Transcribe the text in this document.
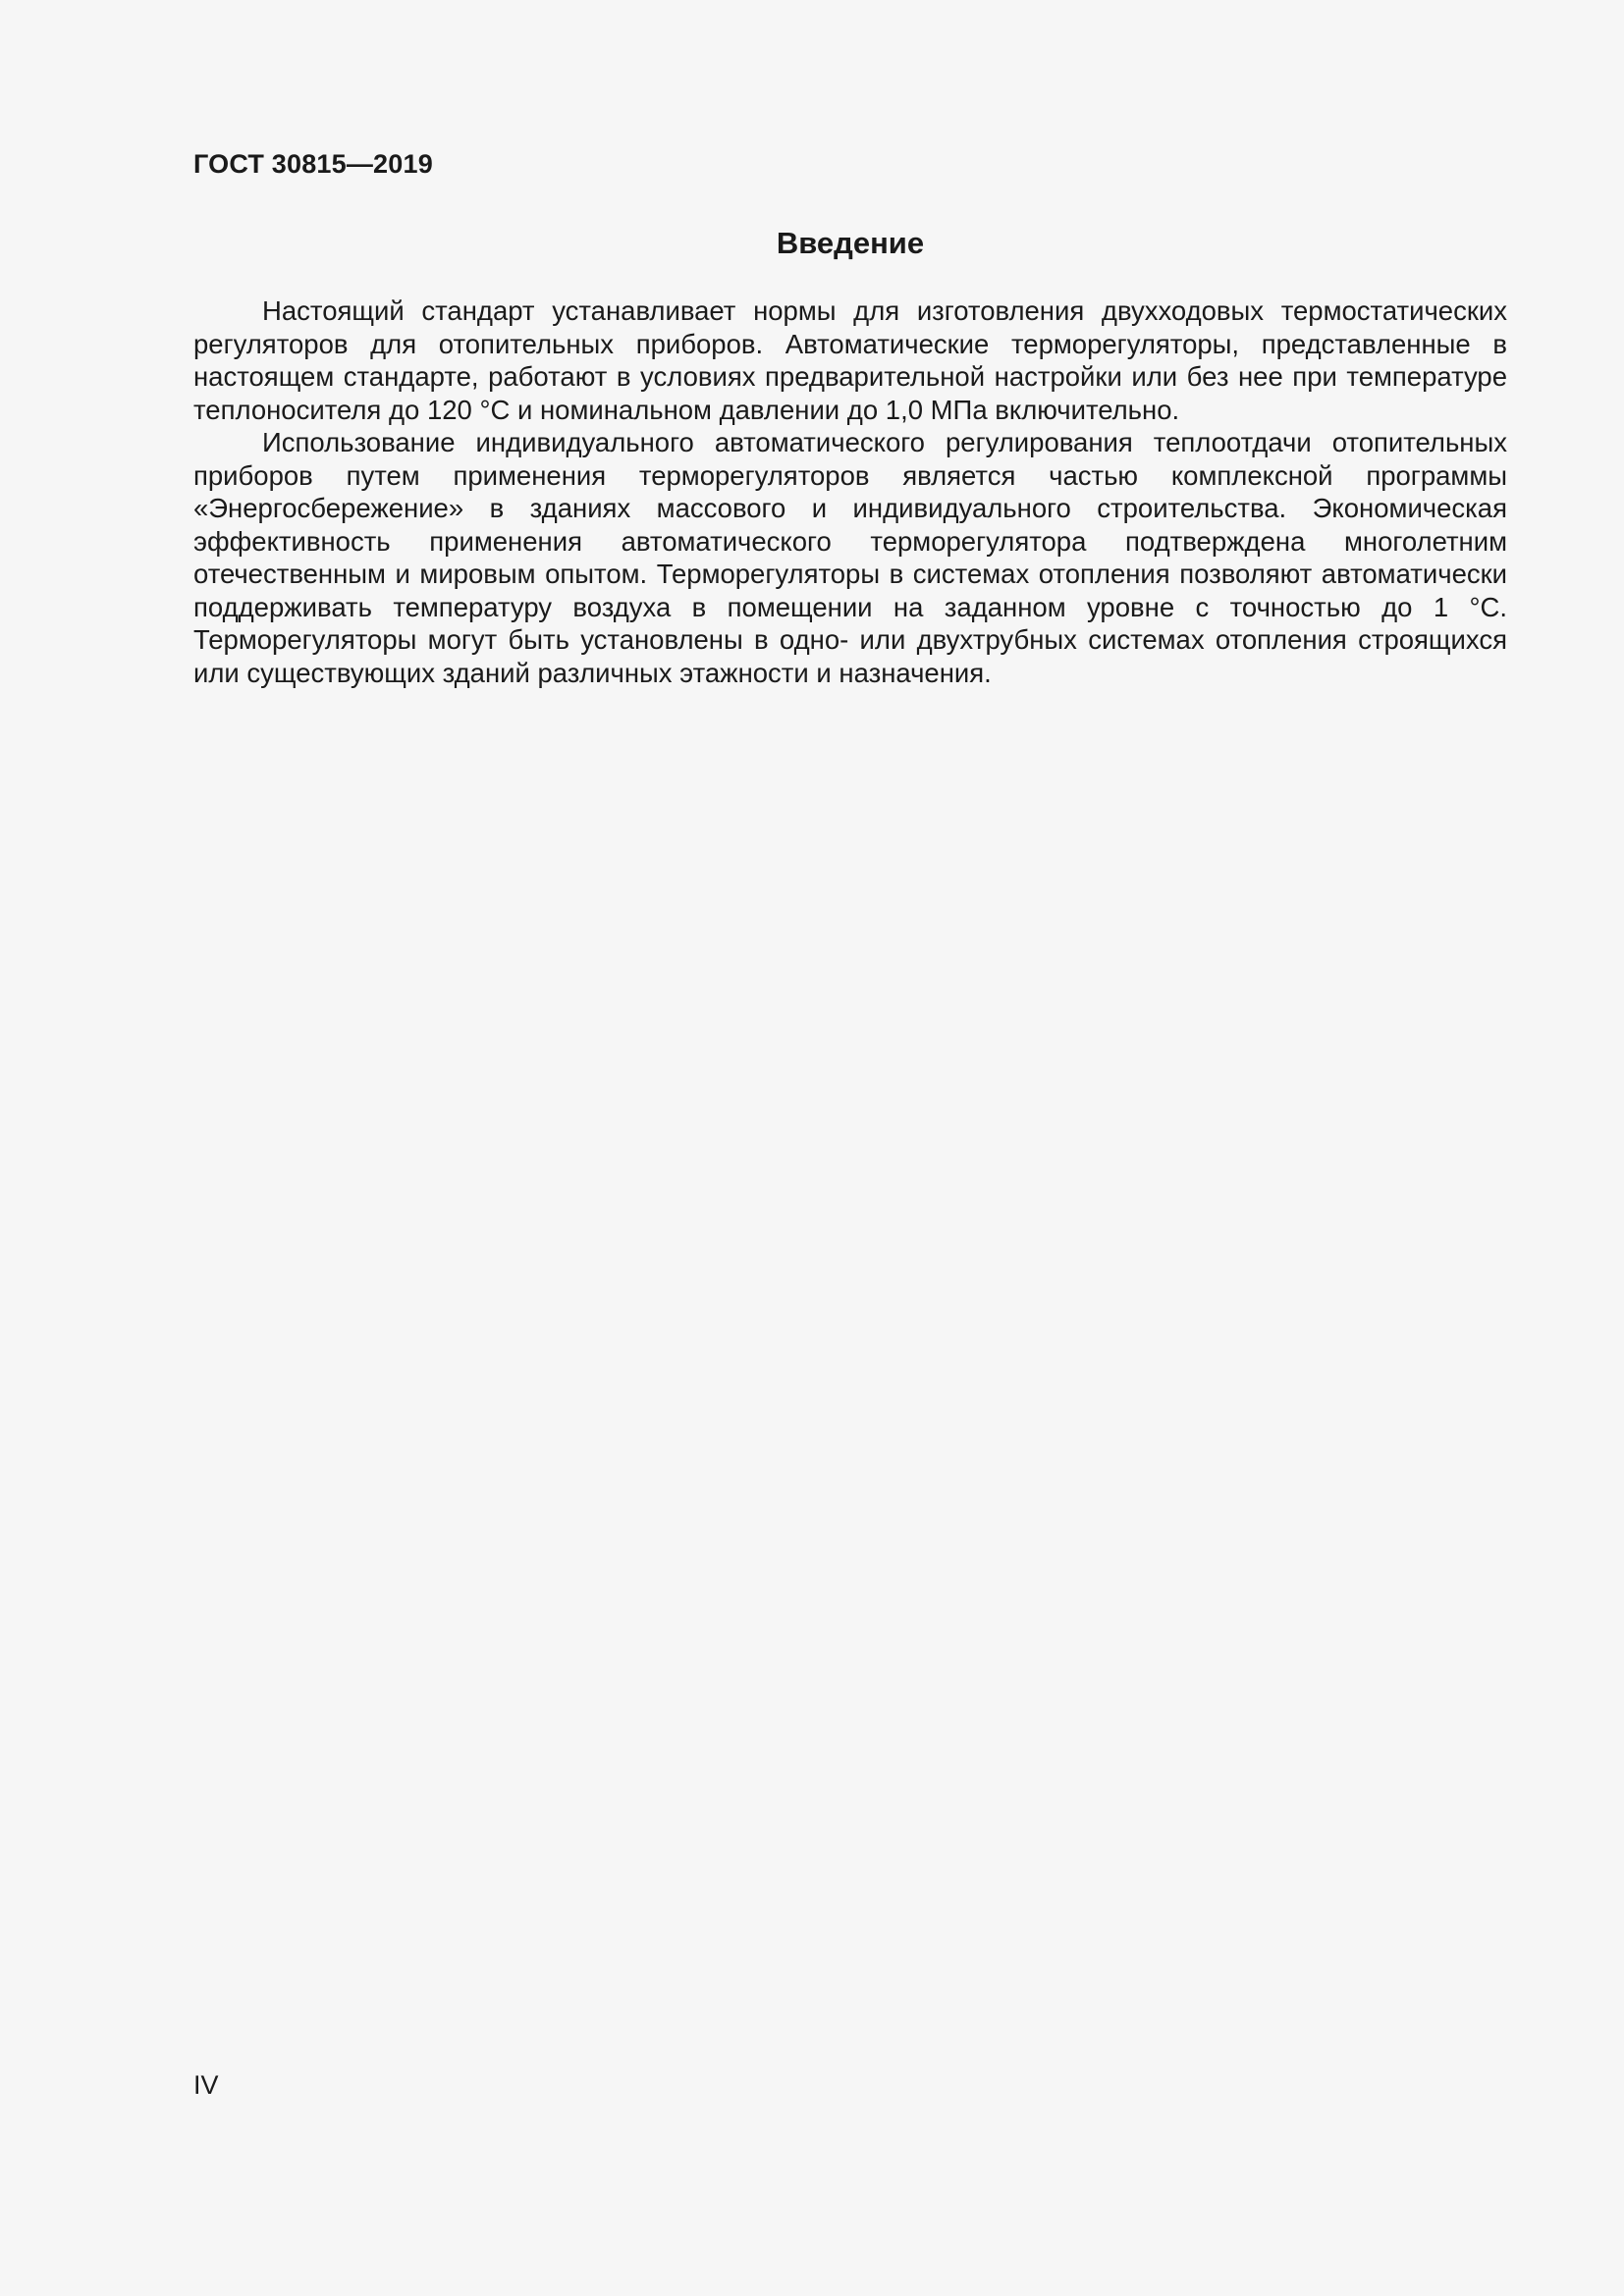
ГОСТ 30815—2019
Введение

Настоящий стандарт устанавливает нормы для изготовления двухходовых термостатических регуляторов для отопительных приборов. Автоматические терморегуляторы, представленные в настоящем стандарте, работают в условиях предварительной настройки или без нее при температуре теплоносителя до 120 °С и номинальном давлении до 1,0 МПа включительно.

Использование индивидуального автоматического регулирования теплоотдачи отопительных приборов путем применения терморегуляторов является частью комплексной программы «Энергосбережение» в зданиях массового и индивидуального строительства. Экономическая эффективность применения автоматического терморегулятора подтверждена многолетним отечественным и мировым опытом. Терморегуляторы в системах отопления позволяют автоматически поддерживать температуру воздуха в помещении на заданном уровне с точностью до 1 °С. Терморегуляторы могут быть установлены в одно- или двухтрубных системах отопления строящихся или существующих зданий различных этажности и назначения.

IV
